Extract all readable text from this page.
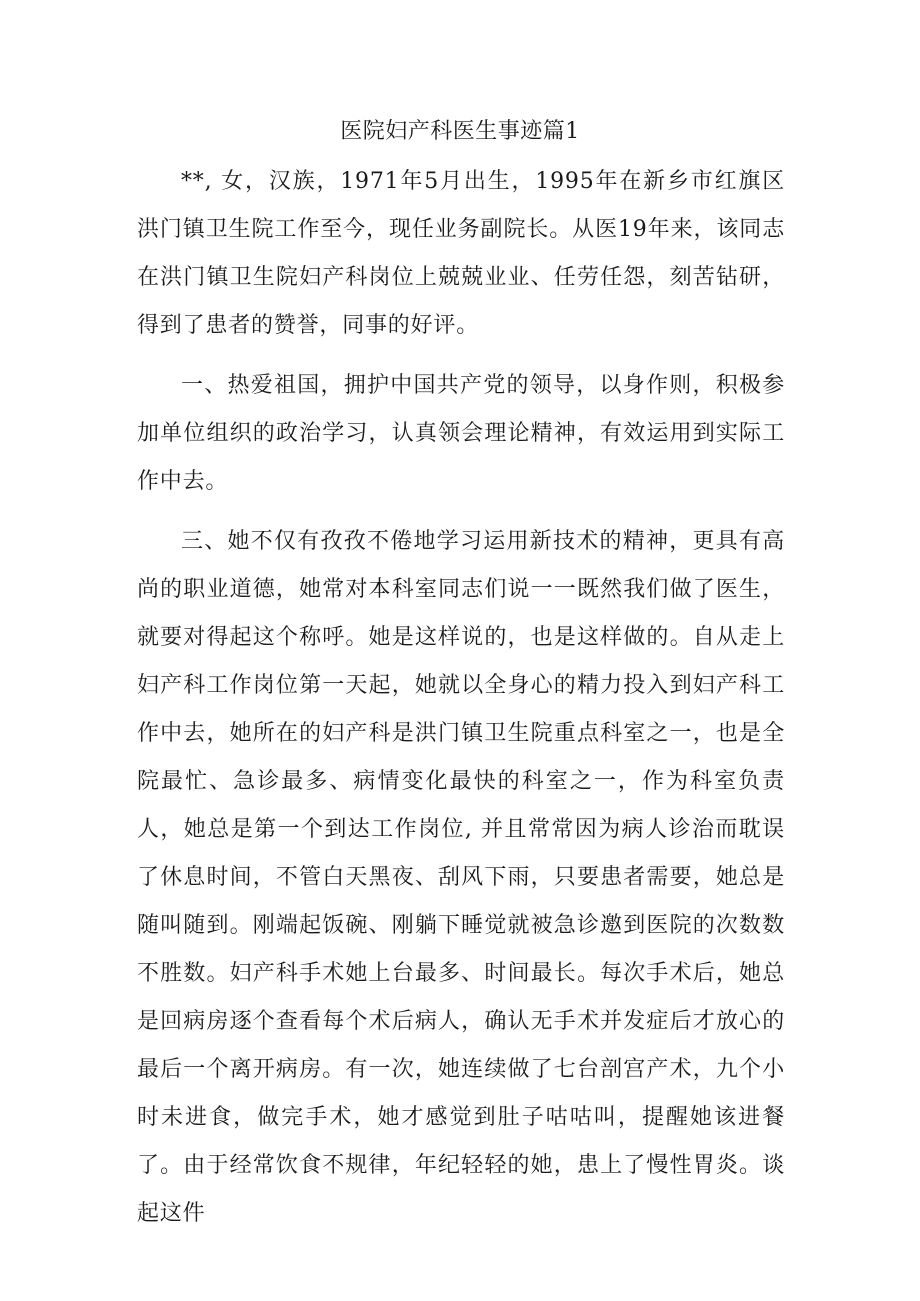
医院妇产科医生事迹篇1

**, 女，汉族，1971年5月出生，1995年在新乡市红旗区洪门镇卫生院工作至今，现任业务副院长。从医19年来，该同志在洪门镇卫生院妇产科岗位上兢兢业业、任劳任怨，刻苦钻研，得到了患者的赞誉，同事的好评。

一、热爱祖国，拥护中国共产党的领导，以身作则，积极参加单位组织的政治学习，认真领会理论精神，有效运用到实际工作中去。

三、她不仅有孜孜不倦地学习运用新技术的精神，更具有高尚的职业道德，她常对本科室同志们说一一既然我们做了医生，就要对得起这个称呼。她是这样说的，也是这样做的。自从走上妇产科工作岗位第一天起，她就以全身心的精力投入到妇产科工作中去，她所在的妇产科是洪门镇卫生院重点科室之一，也是全院最忙、急诊最多、病情变化最快的科室之一，作为科室负责人，她总是第一个到达工作岗位, 并且常常因为病人诊治而耽误了休息时间，不管白天黑夜、刮风下雨，只要患者需要，她总是随叫随到。刚端起饭碗、刚躺下睡觉就被急诊邀到医院的次数数不胜数。妇产科手术她上台最多、时间最长。每次手术后，她总是回病房逐个查看每个术后病人，确认无手术并发症后才放心的最后一个离开病房。有一次，她连续做了七台剖宫产术，九个小时未进食，做完手术，她才感觉到肚子咕咕叫，提醒她该进餐了。由于经常饮食不规律，年纪轻轻的她，患上了慢性胃炎。谈起这件
